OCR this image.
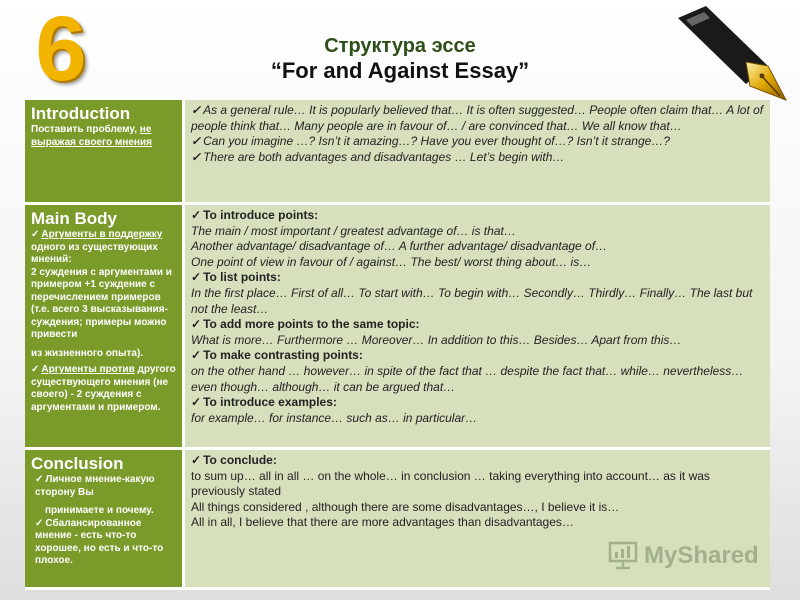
6	Структура эссе
“For and Against Essay”
Introduction
Поставить проблему, не выражая своего мнения
✓ As a general rule… It is popularly believed that… It is often suggested… People often claim that… A lot of people think that… Many people are in favour of… / are convinced that… We all know that…
✓ Can you imagine …? Isn’t it amazing…? Have you ever thought of…? Isn’t it strange…?
✓ There are both advantages and disadvantages … Let’s begin with…
Main Body
✓ Аргументы в поддержку одного из существующих мнений:
2 суждения с аргументами и примером +1 суждение с перечислением примеров (т.е. всего 3 высказывания-суждения; примеры можно привести
из жизненного опыта).
✓ Аргументы против другого существующего мнения (не своего) - 2 суждения с аргументами и примером.
✓ To introduce points:
The main / most important / greatest advantage of… is that…
Another advantage/ disadvantage of… A further advantage/ disadvantage of…
One point of view in favour of / against… The best/ worst thing about… is…
✓ To list points:
In the first place… First of all… To start with… To begin with… Secondly… Thirdly… Finally… The last but not the least…
✓ To add more points to the same topic:
What is more… Furthermore … Moreover… In addition to this… Besides… Apart from this…
✓ To make contrasting points:
on the other hand … however… in spite of the fact that … despite the fact that… while… nevertheless… even though… although… it can be argued that…
✓ To introduce examples:
for example… for instance… such as… in particular…
Conclusion
✓ Личное мнение-какую сторону Вы
принимаете и почему.
✓ Сбалансированное мнение - есть что-то хорошее, но есть и что-то плохое.
✓ To conclude:
to sum up… all in all … on the whole… in conclusion … taking everything into account… as it was previously stated
All things considered , although there are some disadvantages…, I believe it is…
All in all, I believe that there are more advantages than disadvantages…
MyShared
